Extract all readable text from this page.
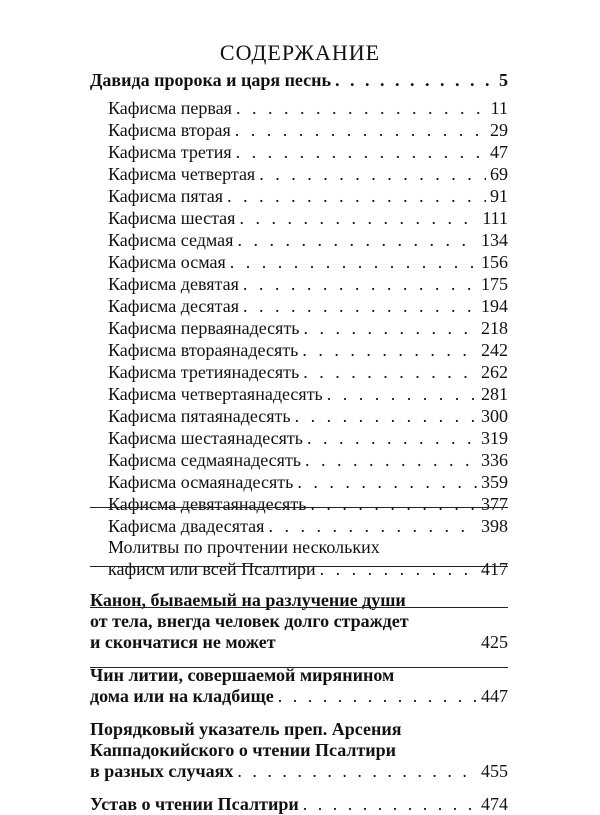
СОДЕРЖАНИЕ
Давида пророка и царя песнь . . .	5
Кафисма первая . . .	11
Кафисма вторая . . .	29
Кафисма третия . . .	47
Кафисма четвертая . . .	69
Кафисма пятая . . .	91
Кафисма шестая . . .	111
Кафисма седмая . . .	134
Кафисма осмая . . .	156
Кафисма девятая . . .	175
Кафисма десятая . . .	194
Кафисма перваянадесять . . .	218
Кафисма втораянадесять . . .	242
Кафисма третиянадесять . . .	262
Кафисма четвертаянадесять . . .	281
Кафисма пятаянадесять . . .	300
Кафисма шестаянадесять . . .	319
Кафисма седмаянадесять . . .	336
Кафисма осмаянадесять . . .	359
Кафисма девятаянадесять . . .	377
Кафисма двадесятая . . .	398
Молитвы по прочтении нескольких
кафисм или всей Псалтири . . .	417
Канон, бываемый на разлучение души
от тела, внегда человек долго страждет
и скончатися не может	425
Чин литии, совершаемой мирянином
дома или на кладбище . . .	447
Порядковый указатель преп. Арсения
Каппадокийского о чтении Псалтири
в разных случаях . . .	455
Устав о чтении Псалтири . . .	474
